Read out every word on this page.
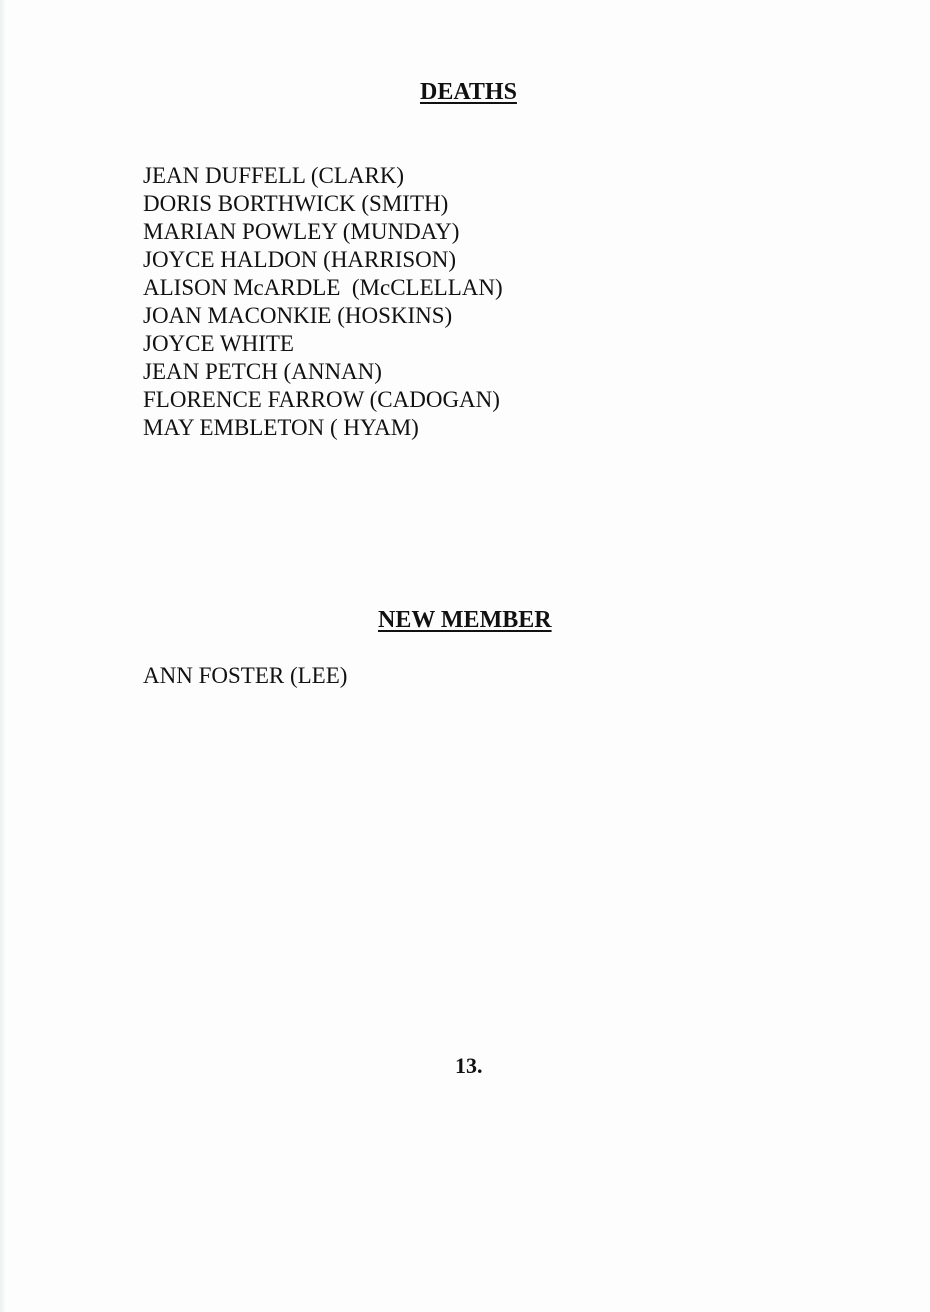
DEATHS
JEAN DUFFELL (CLARK)
DORIS BORTHWICK (SMITH)
MARIAN POWLEY (MUNDAY)
JOYCE HALDON (HARRISON)
ALISON McARDLE  (McCLELLAN)
JOAN MACONKIE (HOSKINS)
JOYCE WHITE
JEAN PETCH (ANNAN)
FLORENCE FARROW (CADOGAN)
MAY EMBLETON ( HYAM)
NEW MEMBER
ANN FOSTER (LEE)
13.
